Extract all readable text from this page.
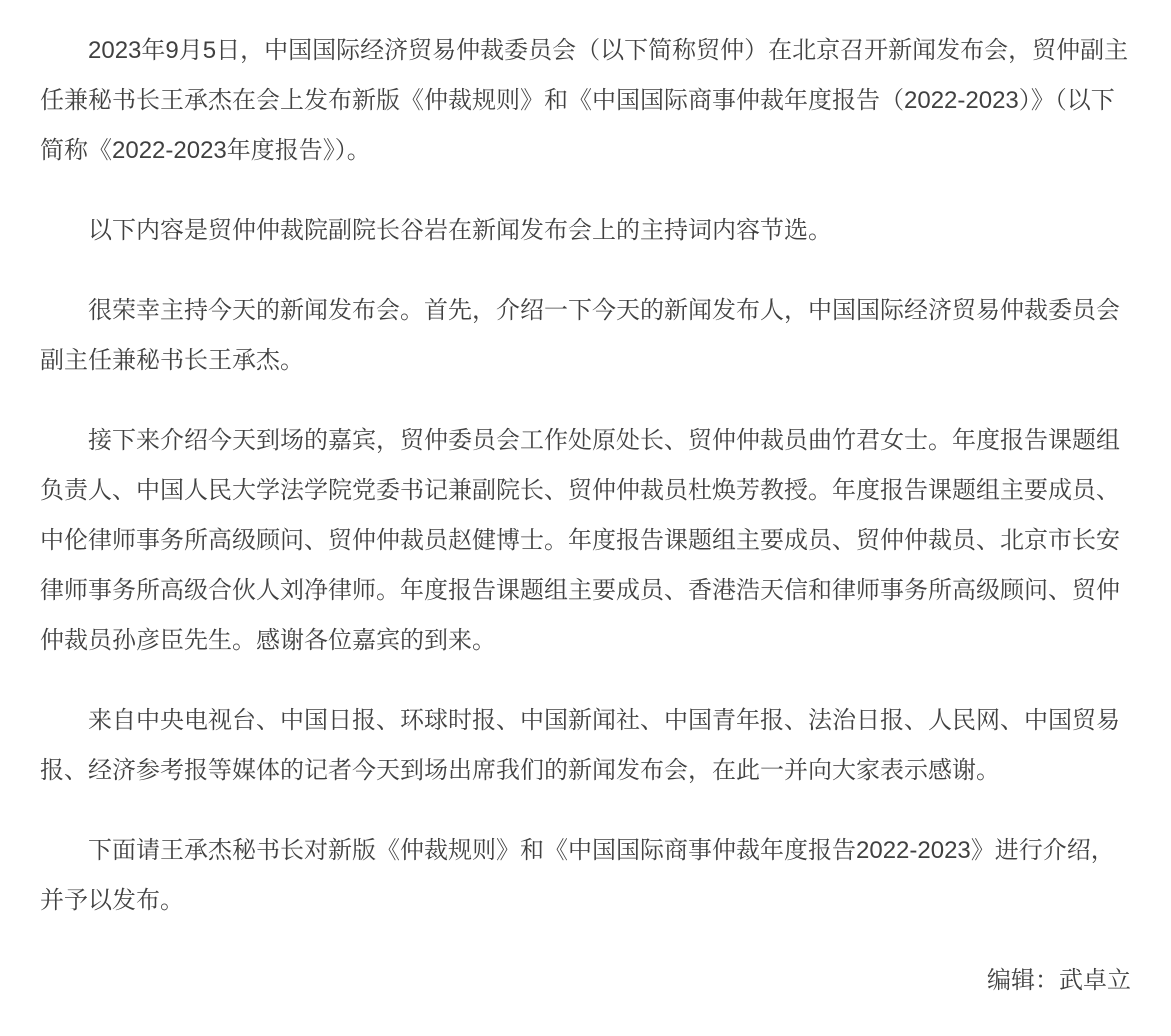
2023年9月5日，中国国际经济贸易仲裁委员会（以下简称贸仲）在北京召开新闻发布会，贸仲副主任兼秘书长王承杰在会上发布新版《仲裁规则》和《中国国际商事仲裁年度报告（2022-2023）》（以下简称《2022-2023年度报告》）。

以下内容是贸仲仲裁院副院长谷岩在新闻发布会上的主持词内容节选。

很荣幸主持今天的新闻发布会。首先，介绍一下今天的新闻发布人，中国国际经济贸易仲裁委员会副主任兼秘书长王承杰。

接下来介绍今天到场的嘉宾，贸仲委员会工作处原处长、贸仲仲裁员曲竹君女士。年度报告课题组负责人、中国人民大学法学院党委书记兼副院长、贸仲仲裁员杜焕芳教授。年度报告课题组主要成员、中伦律师事务所高级顾问、贸仲仲裁员赵健博士。年度报告课题组主要成员、贸仲仲裁员、北京市长安律师事务所高级合伙人刘净律师。年度报告课题组主要成员、香港浩天信和律师事务所高级顾问、贸仲仲裁员孙彦臣先生。感谢各位嘉宾的到来。

来自中央电视台、中国日报、环球时报、中国新闻社、中国青年报、法治日报、人民网、中国贸易报、经济参考报等媒体的记者今天到场出席我们的新闻发布会，在此一并向大家表示感谢。

下面请王承杰秘书长对新版《仲裁规则》和《中国国际商事仲裁年度报告2022-2023》进行介绍，并予以发布。

编辑：武卓立
